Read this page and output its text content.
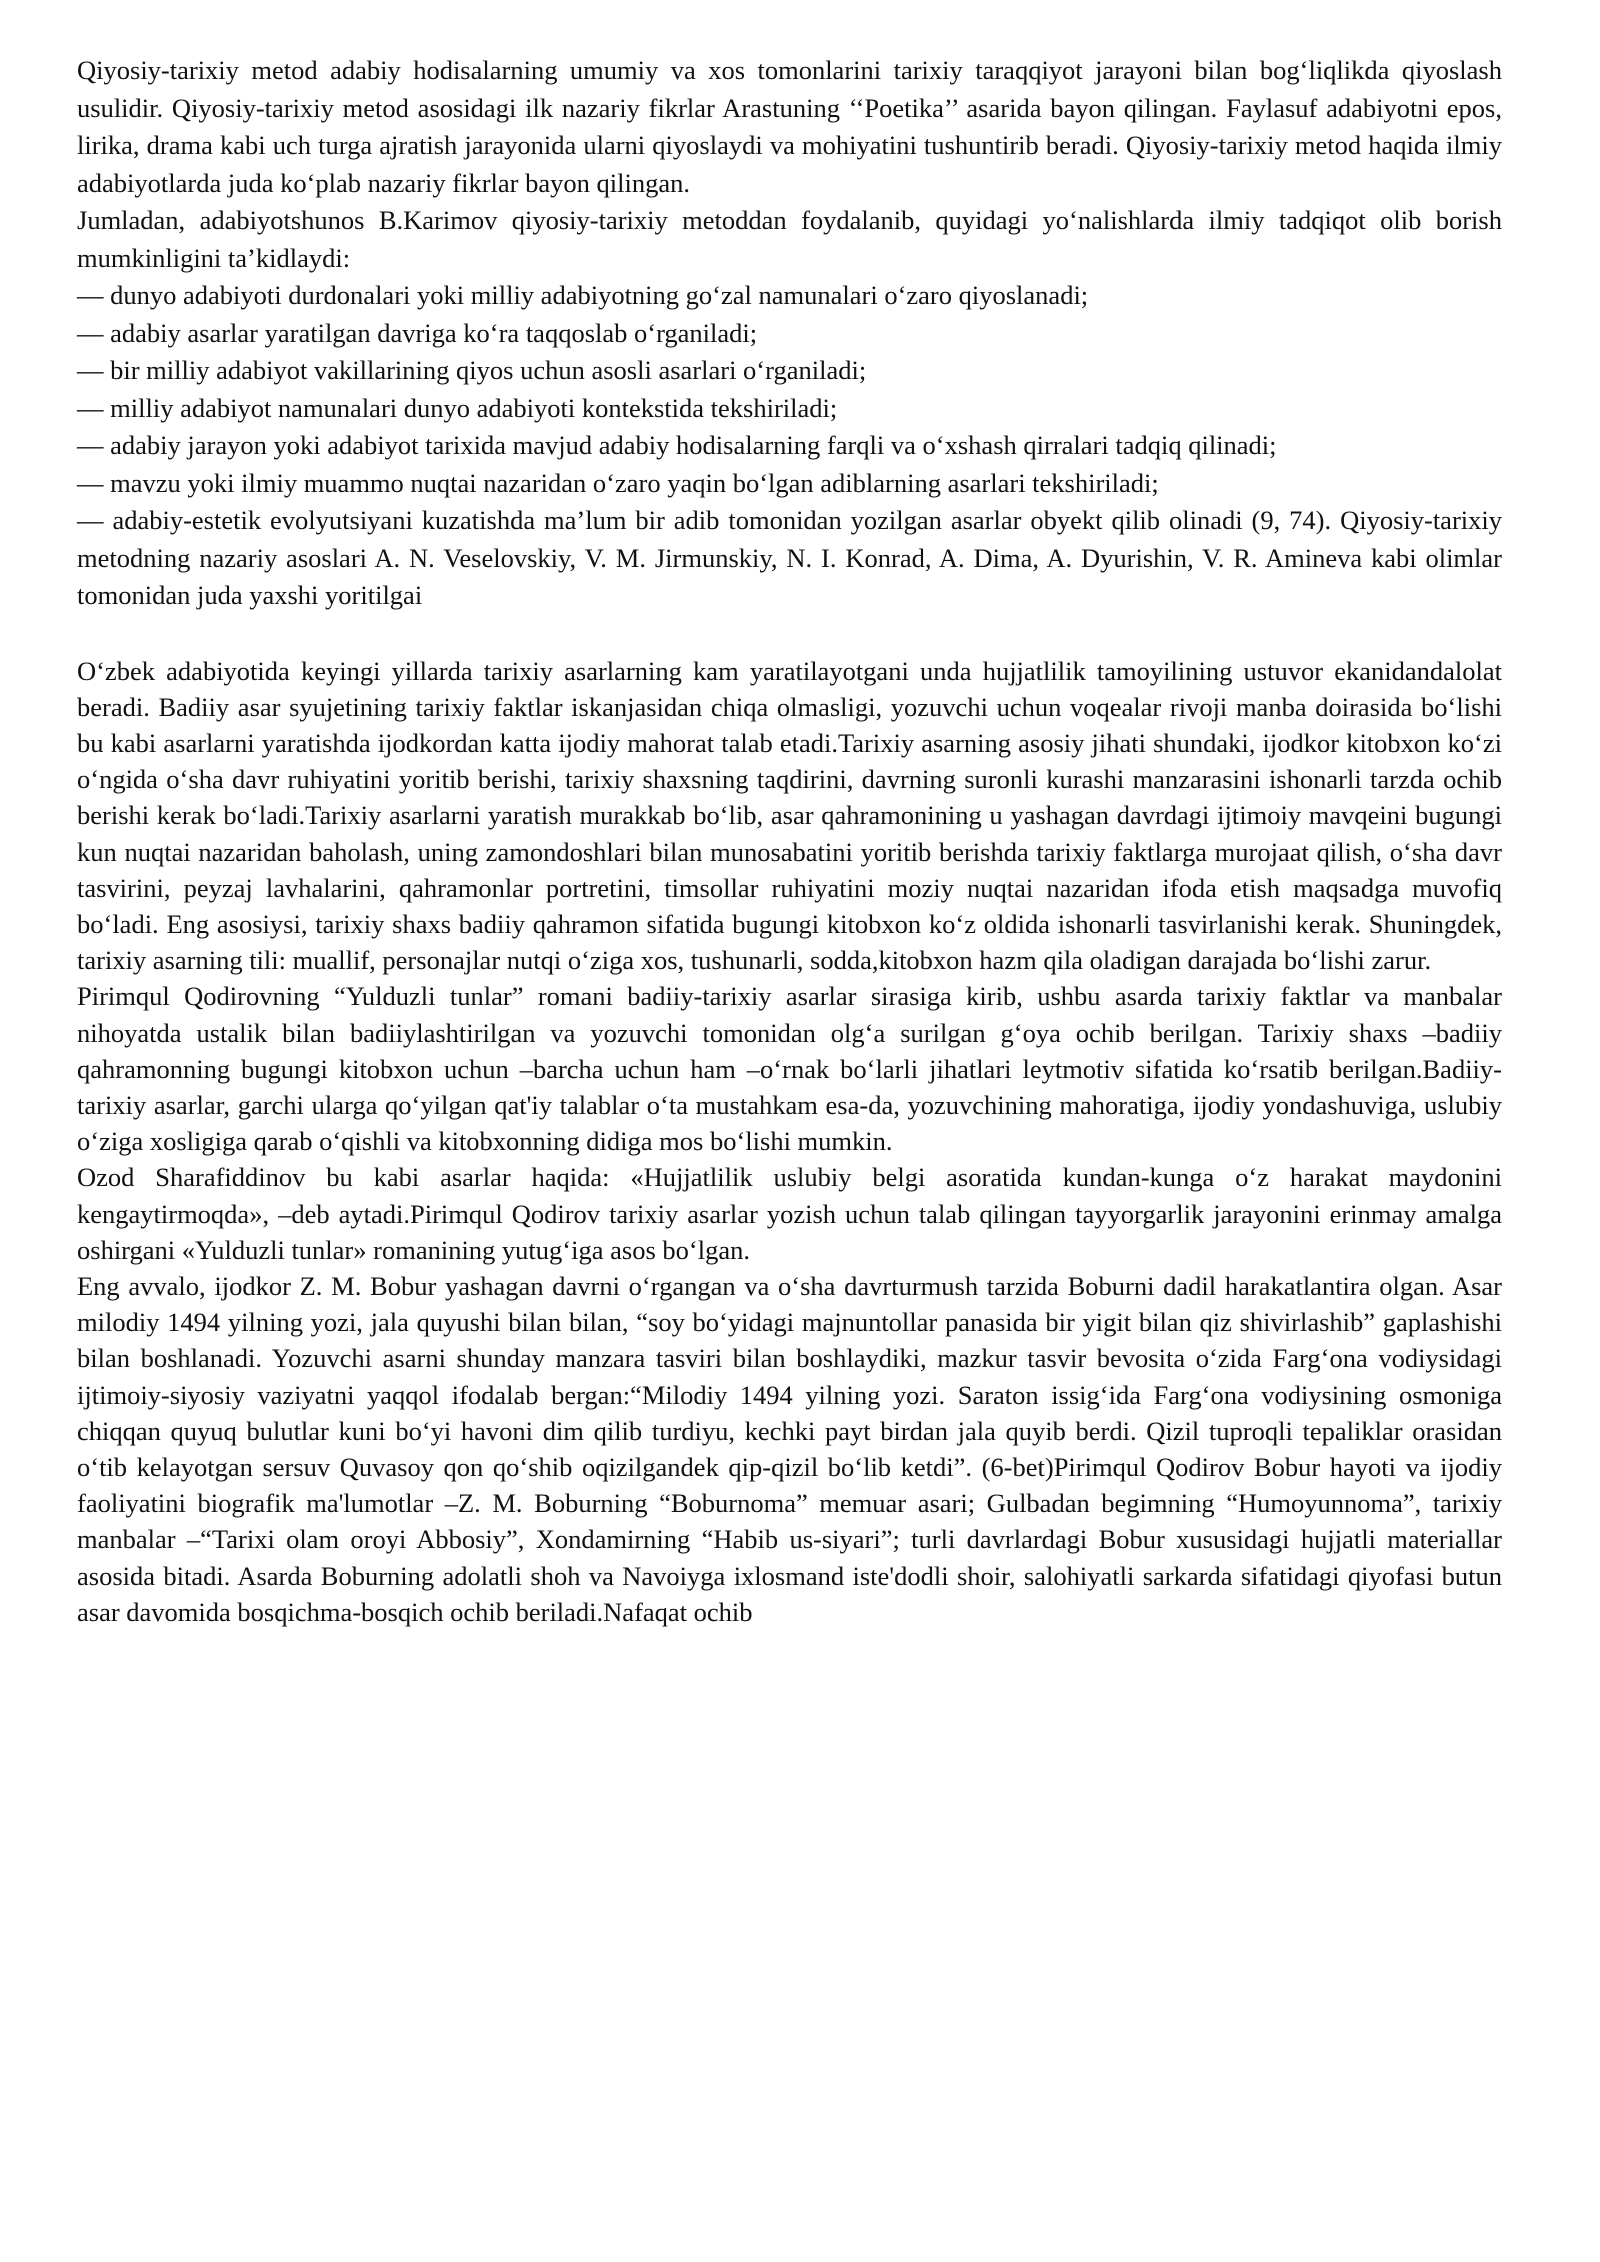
Qiyosiy-tarixiy metod adabiy hodisalarning umumiy va xos tomonlarini tarixiy taraqqiyot jarayoni bilan bog‘liqlikda qiyoslash usulidir. Qiyosiy-tarixiy metod asosidagi ilk nazariy fikrlar Arastuning ‘‘Poetika’’ asarida bayon qilingan. Faylasuf adabiyotni epos, lirika, drama kabi uch turga ajratish jarayonida ularni qiyoslaydi va mohiyatini tushuntirib beradi. Qiyosiy-tarixiy metod haqida ilmiy adabiyotlarda juda ko‘plab nazariy fikrlar bayon qilingan.

Jumladan, adabiyotshunos B.Karimov qiyosiy-tarixiy metoddan foydalanib, quyidagi yo‘nalishlarda ilmiy tadqiqot olib borish mumkinligini ta’kidlaydi:

— dunyo adabiyoti durdonalari yoki milliy adabiyotning go‘zal namunalari o‘zaro qiyoslanadi;

— adabiy asarlar yaratilgan davriga ko‘ra taqqoslab o‘rganiladi;

— bir milliy adabiyot vakillarining qiyos uchun asosli asarlari o‘rganiladi;

— milliy adabiyot namunalari dunyo adabiyoti kontekstida tekshiriladi;

— adabiy jarayon yoki adabiyot tarixida mavjud adabiy hodisalarning farqli va o‘xshash qirralari tadqiq qilinadi;

— mavzu yoki ilmiy muammo nuqtai nazaridan o‘zaro yaqin bo‘lgan adiblarning asarlari tekshiriladi;

— adabiy-estetik evolyutsiyani kuzatishda ma’lum bir adib tomonidan yozilgan asarlar obyekt qilib olinadi (9, 74). Qiyosiy-tarixiy metodning nazariy asoslari A. N. Veselovskiy, V. M. Jirmunskiy, N. I. Konrad, A. Dima, A. Dyurishin, V. R. Amineva kabi olimlar tomonidan juda yaxshi yoritilgai

O‘zbek adabiyotida keyingi yillarda tarixiy asarlarning kam yaratilayotgani unda hujjatlilik tamoyilining ustuvor ekanidandalolat beradi. Badiiy asar syujetining tarixiy faktlar iskanjasidan chiqa olmasligi, yozuvchi uchun voqealar rivoji manba doirasida bo‘lishi bu kabi asarlarni yaratishda ijodkordan katta ijodiy mahorat talab etadi.Tarixiy asarning asosiy jihati shundaki, ijodkor kitobxon ko‘zi o‘ngida o‘sha davr ruhiyatini yoritib berishi, tarixiy shaxsning taqdirini, davrning suronli kurashi manzarasini ishonarli tarzda ochib berishi kerak bo‘ladi.Tarixiy asarlarni yaratish murakkab bo‘lib, asar qahramonining u yashagan davrdagi ijtimoiy mavqeini bugungi kun nuqtai nazaridan baholash, uning zamondoshlari bilan munosabatini yoritib berishda tarixiy faktlarga murojaat qilish, o‘sha davr tasvirini, peyzaj lavhalarini, qahramonlar portretini, timsollar ruhiyatini moziy nuqtai nazaridan ifoda etish maqsadga muvofiq bo‘ladi. Eng asosiysi, tarixiy shaxs badiiy qahramon sifatida bugungi kitobxon ko‘z oldida ishonarli tasvirlanishi kerak. Shuningdek, tarixiy asarning tili: muallif, personajlar nutqi o‘ziga xos, tushunarli, sodda,kitobxon hazm qila oladigan darajada bo‘lishi zarur.

Pirimqul Qodirovning “Yulduzli tunlar” romani badiiy-tarixiy asarlar sirasiga kirib, ushbu asarda tarixiy faktlar va manbalar nihoyatda ustalik bilan badiiylashtirilgan va yozuvchi tomonidan olg‘a surilgan g‘oya ochib berilgan. Tarixiy shaxs –badiiy qahramonning bugungi kitobxon uchun –barcha uchun ham –o‘rnak bo‘larli jihatlari leytmotiv sifatida ko‘rsatib berilgan.Badiiy-tarixiy asarlar, garchi ularga qo‘yilgan qat'iy talablar o‘ta mustahkam esa-da, yozuvchining mahoratiga, ijodiy yondashuviga, uslubiy o‘ziga xosligiga qarab o‘qishli va kitobxonning didiga mos bo‘lishi mumkin.

Ozod Sharafiddinov bu kabi asarlar haqida: «Hujjatlilik uslubiy belgi asoratida kundan-kunga o‘z harakat maydonini kengaytirmoqda», –deb aytadi.Pirimqul Qodirov tarixiy asarlar yozish uchun talab qilingan tayyorgarlik jarayonini erinmay amalga oshirgani «Yulduzli tunlar» romanining yutug‘iga asos bo‘lgan.

Eng avvalo, ijodkor Z. M. Bobur yashagan davrni o‘rgangan va o‘sha davrturmush tarzida Boburni dadil harakatlantira olgan. Asar milodiy 1494 yilning yozi, jala quyushi bilan bilan, “soy bo‘yidagi majnuntollar panasida bir yigit bilan qiz shivirlashib” gaplashishi bilan boshlanadi. Yozuvchi asarni shunday manzara tasviri bilan boshlaydiki, mazkur tasvir bevosita o‘zida Farg‘ona vodiysidagi ijtimoiy-siyosiy vaziyatni yaqqol ifodalab bergan:“Milodiy 1494 yilning yozi. Saraton issig‘ida Farg‘ona vodiysining osmoniga chiqqan quyuq bulutlar kuni bo‘yi havoni dim qilib turdiyu, kechki payt birdan jala quyib berdi. Qizil tuproqli tepaliklar orasidan o‘tib kelayotgan sersuv Quvasoy qon qo‘shib oqizilgandek qip-qizil bo‘lib ketdi”. (6-bet)Pirimqul Qodirov Bobur hayoti va ijodiy faoliyatini biografik ma'lumotlar –Z. M. Boburning “Boburnoma” memuar asari; Gulbadan begimning “Humoyunnoma”, tarixiy manbalar –“Tarixi olam oroyi Abbosiy”, Xondamirning “Habib us-siyari”; turli davrlardagi Bobur xususidagi hujjatli materiallar asosida bitadi. Asarda Boburning adolatli shoh va Navoiyga ixlosmand iste'dodli shoir, salohiyatli sarkarda sifatidagi qiyofasi butun asar davomida bosqichma-bosqich ochib beriladi.Nafaqat ochib
